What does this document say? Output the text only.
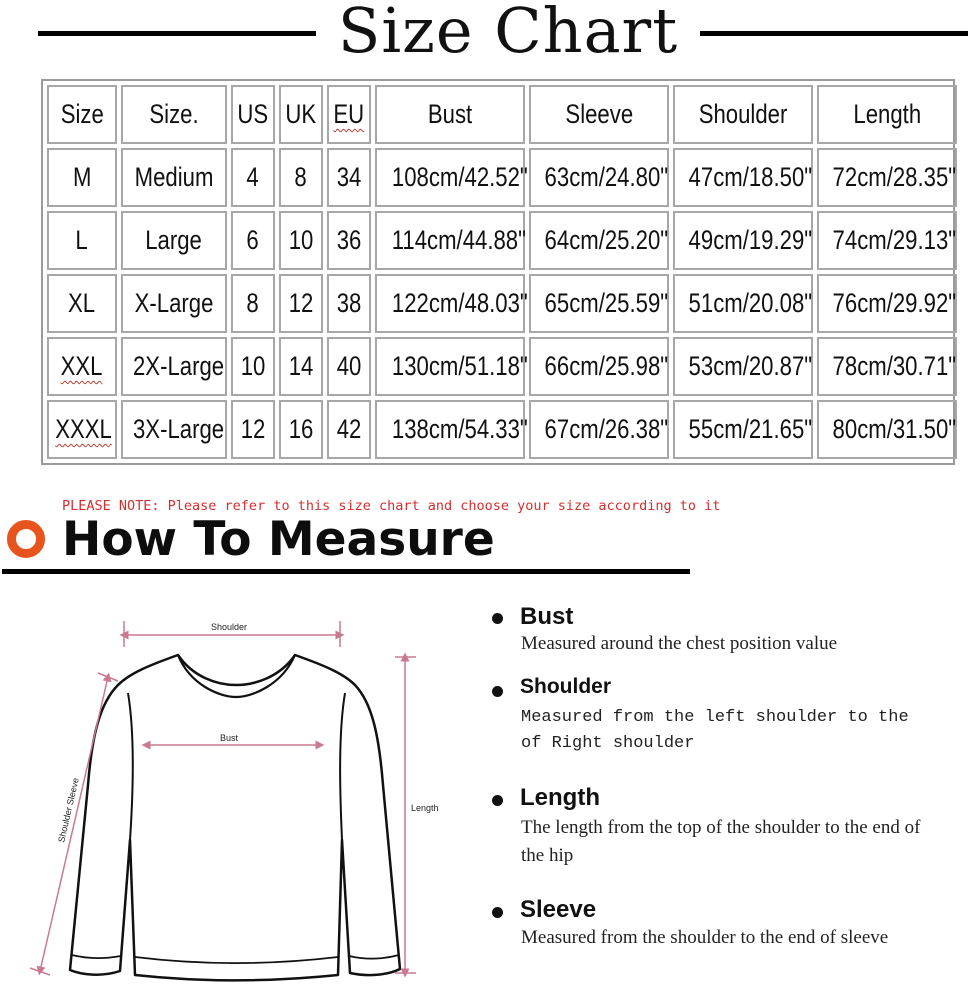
Size Chart
Size	Size.	US	UK	EU	Bust	Sleeve	Shoulder	Length
M	Medium	4	8	34	108cm/42.52"	63cm/24.80"	47cm/18.50"	72cm/28.35"
L	Large	6	10	36	114cm/44.88"	64cm/25.20"	49cm/19.29"	74cm/29.13"
XL	X-Large	8	12	38	122cm/48.03"	65cm/25.59"	51cm/20.08"	76cm/29.92"
XXL	2X-Large	10	14	40	130cm/51.18"	66cm/25.98"	53cm/20.87"	78cm/30.71"
XXXL	3X-Large	12	16	42	138cm/54.33"	67cm/26.38"	55cm/21.65"	80cm/31.50"
PLEASE NOTE: Please refer to this size chart and choose your size according to it
How To Measure
Shoulder
Bust
Length
Shoulder Sleeve
Bust
Measured around the chest position value
Shoulder
Measured from the left shoulder to the of Right shoulder
Length
The length from the top of the shoulder to the end of the hip
Sleeve
Measured from the shoulder to the end of sleeve
